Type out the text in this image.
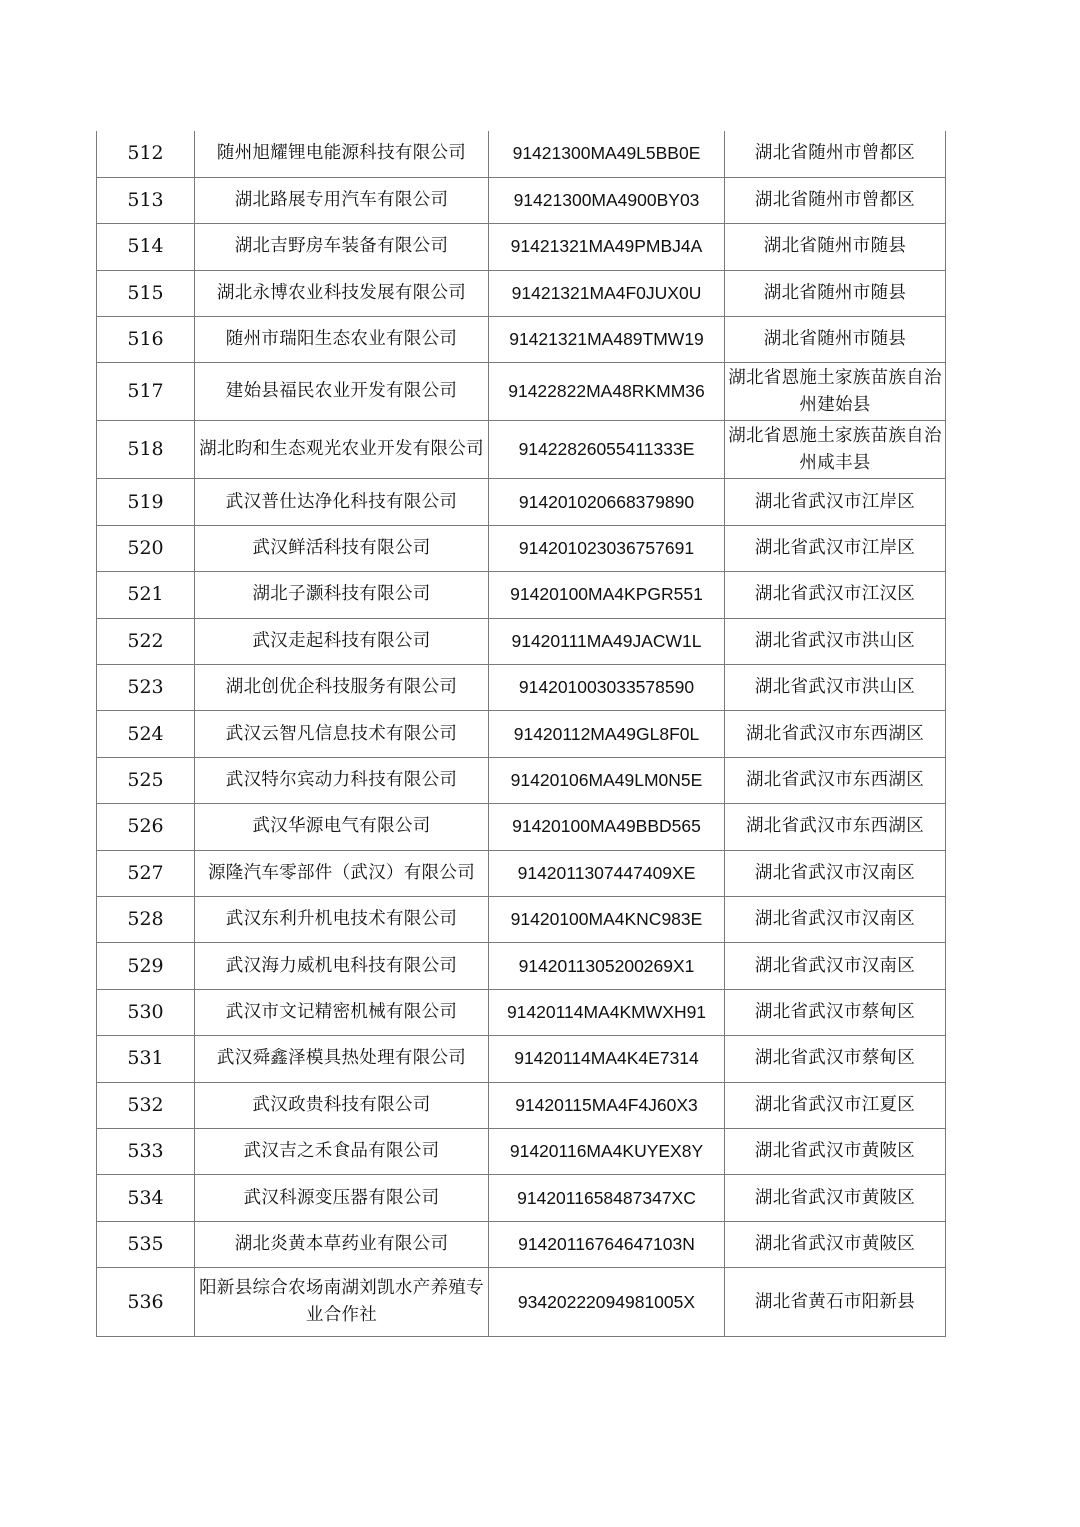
512	随州旭耀锂电能源科技有限公司	91421300MA49L5BB0E	湖北省随州市曾都区
513	湖北路展专用汽车有限公司	91421300MA4900BY03	湖北省随州市曾都区
514	湖北吉野房车装备有限公司	91421321MA49PMBJ4A	湖北省随州市随县
515	湖北永博农业科技发展有限公司	91421321MA4F0JUX0U	湖北省随州市随县
516	随州市瑞阳生态农业有限公司	91421321MA489TMW19	湖北省随州市随县
517	建始县福民农业开发有限公司	91422822MA48RKMM36	湖北省恩施土家族苗族自治州建始县
518	湖北昀和生态观光农业开发有限公司	91422826055411333E	湖北省恩施土家族苗族自治州咸丰县
519	武汉普仕达净化科技有限公司	914201020668379890	湖北省武汉市江岸区
520	武汉鲜活科技有限公司	914201023036757691	湖北省武汉市江岸区
521	湖北子灏科技有限公司	91420100MA4KPGR551	湖北省武汉市江汉区
522	武汉走起科技有限公司	91420111MA49JACW1L	湖北省武汉市洪山区
523	湖北创优企科技服务有限公司	914201003033578590	湖北省武汉市洪山区
524	武汉云智凡信息技术有限公司	91420112MA49GL8F0L	湖北省武汉市东西湖区
525	武汉特尔宾动力科技有限公司	91420106MA49LM0N5E	湖北省武汉市东西湖区
526	武汉华源电气有限公司	91420100MA49BBD565	湖北省武汉市东西湖区
527	源隆汽车零部件（武汉）有限公司	9142011307447409XE	湖北省武汉市汉南区
528	武汉东利升机电技术有限公司	91420100MA4KNC983E	湖北省武汉市汉南区
529	武汉海力威机电科技有限公司	9142011305200269X1	湖北省武汉市汉南区
530	武汉市文记精密机械有限公司	91420114MA4KMWXH91	湖北省武汉市蔡甸区
531	武汉舜鑫泽模具热处理有限公司	91420114MA4K4E7314	湖北省武汉市蔡甸区
532	武汉政贵科技有限公司	91420115MA4F4J60X3	湖北省武汉市江夏区
533	武汉吉之禾食品有限公司	91420116MA4KUYEX8Y	湖北省武汉市黄陂区
534	武汉科源变压器有限公司	9142011658487347XC	湖北省武汉市黄陂区
535	湖北炎黄本草药业有限公司	91420116764647103N	湖北省武汉市黄陂区
536	阳新县综合农场南湖刘凯水产养殖专业合作社	93420222094981005X	湖北省黄石市阳新县
